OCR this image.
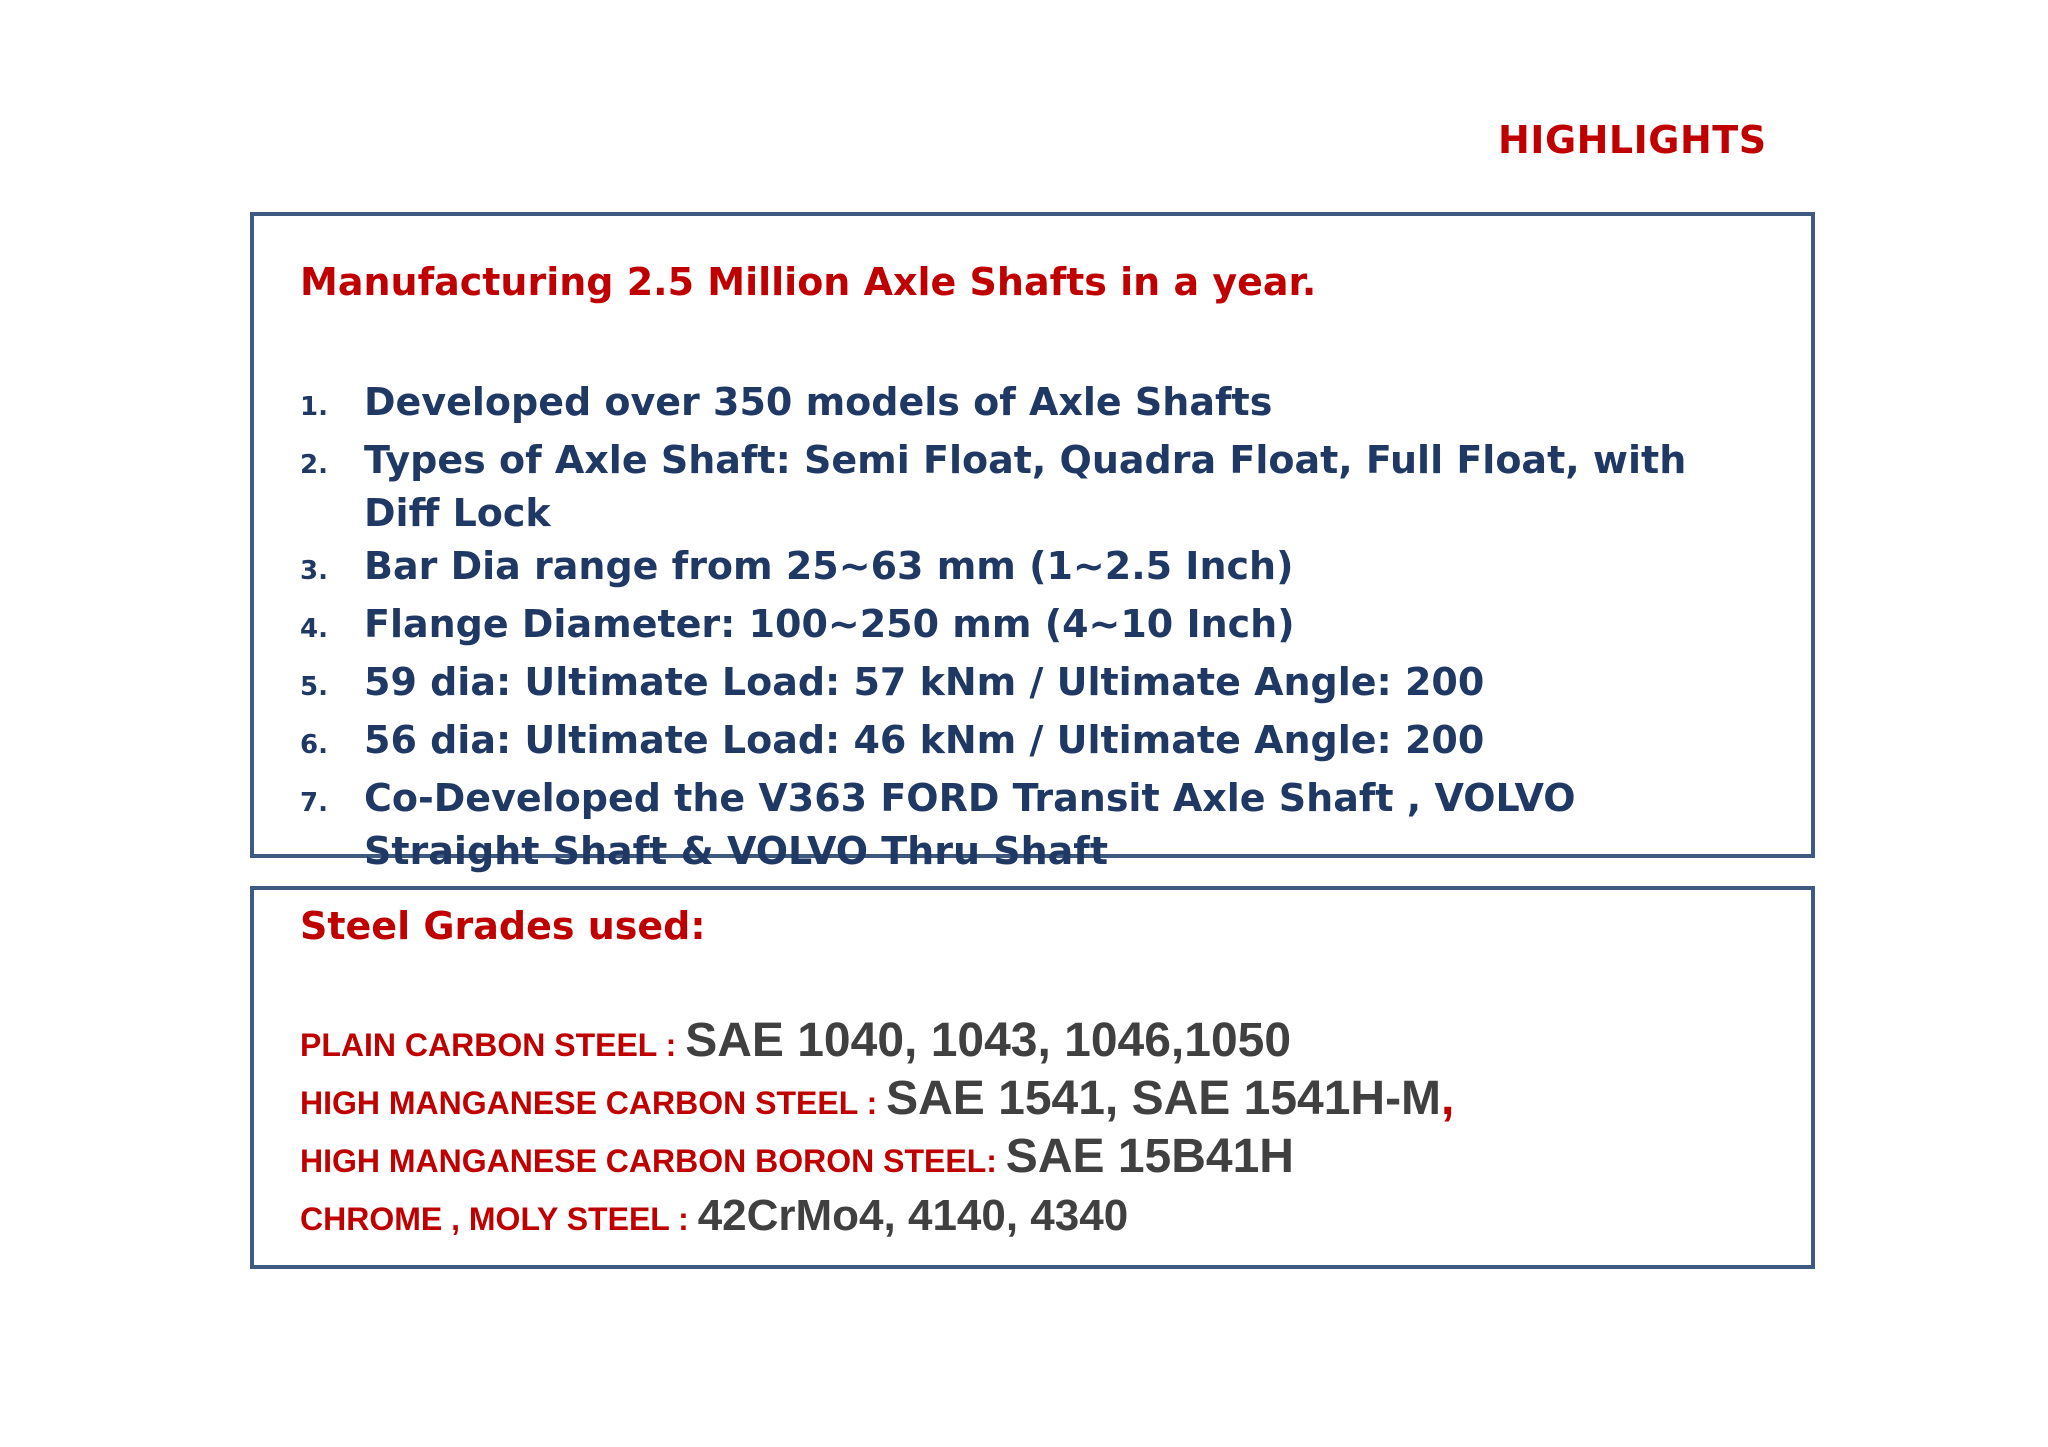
HIGHLIGHTS
Manufacturing 2.5 Million Axle Shafts in a year.
1. Developed over 350 models of Axle Shafts
2. Types of Axle Shaft: Semi Float, Quadra Float, Full Float, with Diff Lock
3. Bar Dia range from 25~63 mm (1~2.5 Inch)
4. Flange Diameter: 100~250 mm (4~10 Inch)
5. 59 dia: Ultimate Load: 57 kNm / Ultimate Angle: 200
6. 56 dia: Ultimate Load: 46 kNm / Ultimate Angle: 200
7. Co-Developed the V363 FORD Transit Axle Shaft , VOLVO Straight Shaft & VOLVO Thru Shaft
Steel Grades used:
PLAIN CARBON STEEL : SAE 1040, 1043, 1046,1050
HIGH MANGANESE CARBON STEEL : SAE 1541, SAE 1541H-M,
HIGH MANGANESE CARBON BORON STEEL: SAE 15B41H
CHROME , MOLY STEEL : 42CrMo4, 4140, 4340
